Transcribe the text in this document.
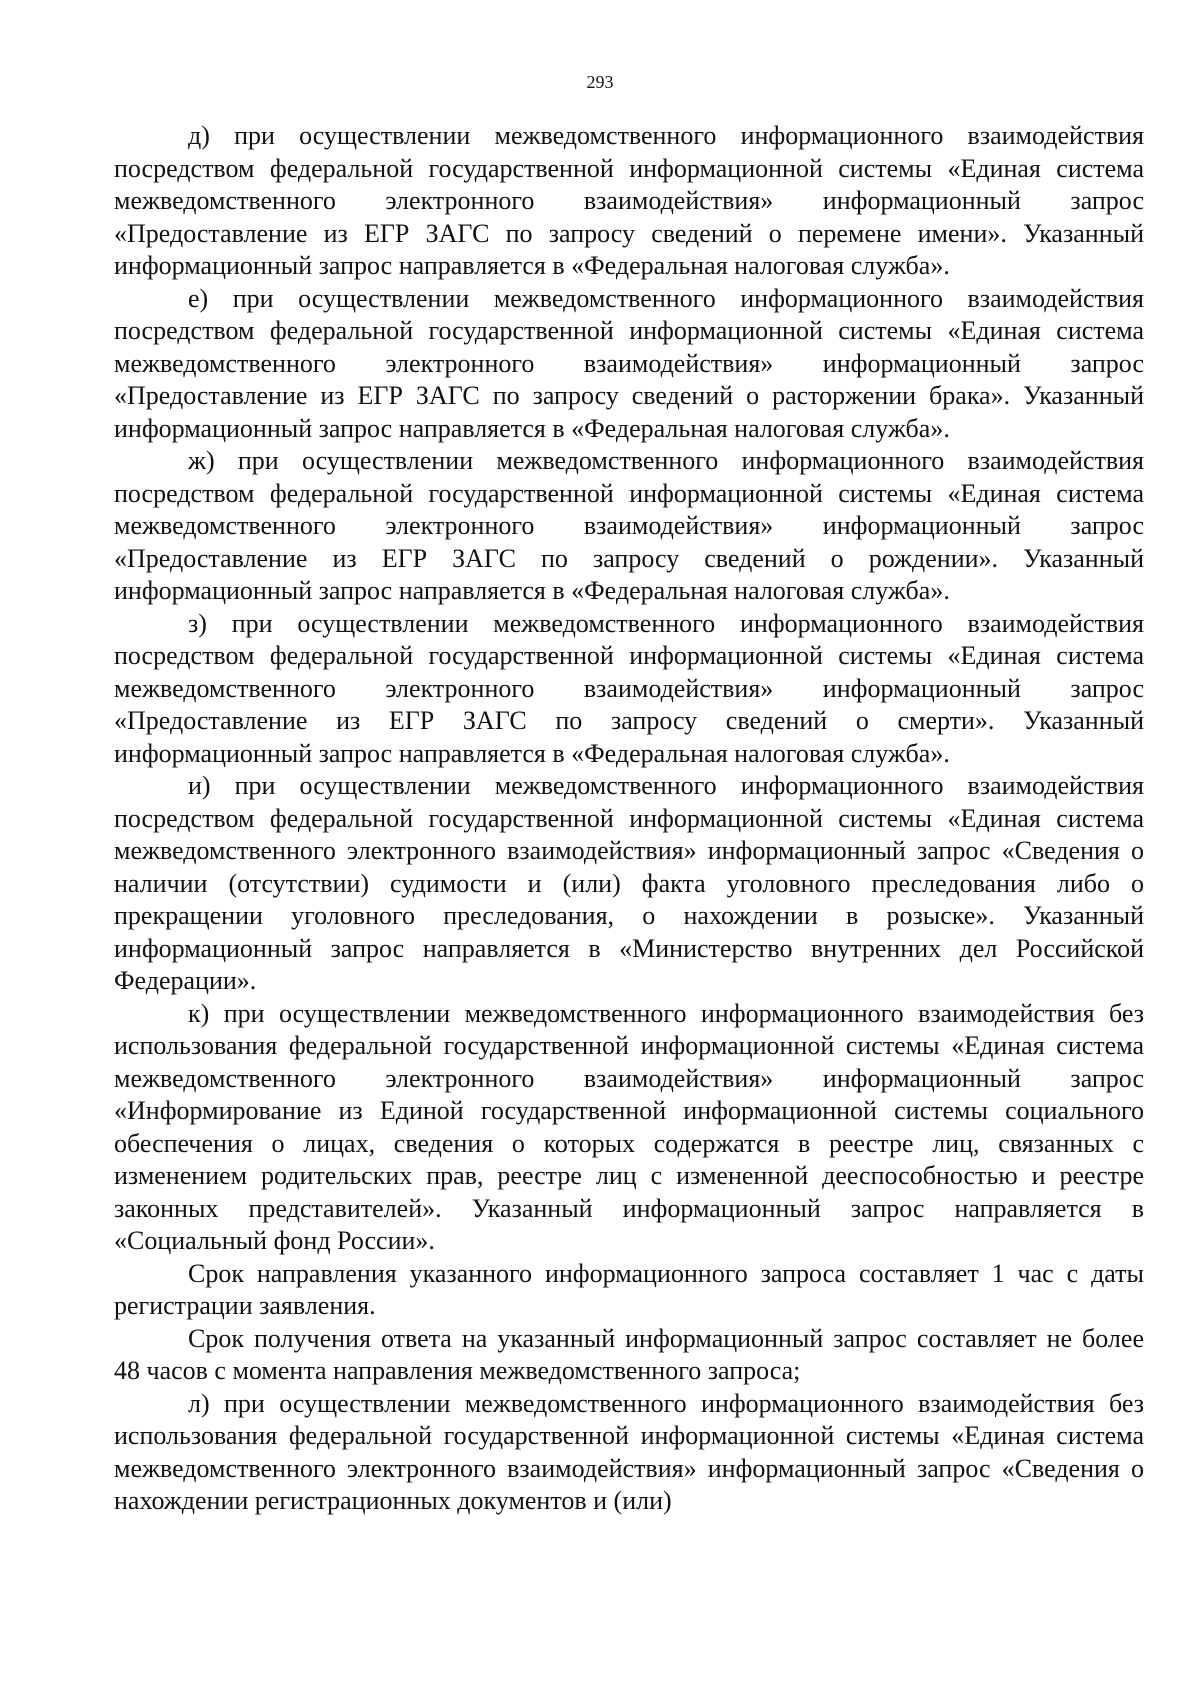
293

д) при осуществлении межведомственного информационного взаимодействия посредством федеральной государственной информационной системы «Единая система межведомственного электронного взаимодействия» информационный запрос «Предоставление из ЕГР ЗАГС по запросу сведений о перемене имени». Указанный информационный запрос направляется в «Федеральная налоговая служба».

е) при осуществлении межведомственного информационного взаимодействия посредством федеральной государственной информационной системы «Единая система межведомственного электронного взаимодействия» информационный запрос «Предоставление из ЕГР ЗАГС по запросу сведений о расторжении брака». Указанный информационный запрос направляется в «Федеральная налоговая служба».

ж) при осуществлении межведомственного информационного взаимодействия посредством федеральной государственной информационной системы «Единая система межведомственного электронного взаимодействия» информационный запрос «Предоставление из ЕГР ЗАГС по запросу сведений о рождении». Указанный информационный запрос направляется в «Федеральная налоговая служба».

з) при осуществлении межведомственного информационного взаимодействия посредством федеральной государственной информационной системы «Единая система межведомственного электронного взаимодействия» информационный запрос «Предоставление из ЕГР ЗАГС по запросу сведений о смерти». Указанный информационный запрос направляется в «Федеральная налоговая служба».

и) при осуществлении межведомственного информационного взаимодействия посредством федеральной государственной информационной системы «Единая система межведомственного электронного взаимодействия» информационный запрос «Сведения о наличии (отсутствии) судимости и (или) факта уголовного преследования либо о прекращении уголовного преследования, о нахождении в розыске». Указанный информационный запрос направляется в «Министерство внутренних дел Российской Федерации».

к) при осуществлении межведомственного информационного взаимодействия без использования федеральной государственной информационной системы «Единая система межведомственного электронного взаимодействия» информационный запрос «Информирование из Единой государственной информационной системы социального обеспечения о лицах, сведения о которых содержатся в реестре лиц, связанных с изменением родительских прав, реестре лиц с измененной дееспособностью и реестре законных представителей». Указанный информационный запрос направляется в «Социальный фонд России».

Срок направления указанного информационного запроса составляет 1 час с даты регистрации заявления.

Срок получения ответа на указанный информационный запрос составляет не более 48 часов с момента направления межведомственного запроса;

л) при осуществлении межведомственного информационного взаимодействия без использования федеральной государственной информационной системы «Единая система межведомственного электронного взаимодействия» информационный запрос «Сведения о нахождении регистрационных документов и (или)
